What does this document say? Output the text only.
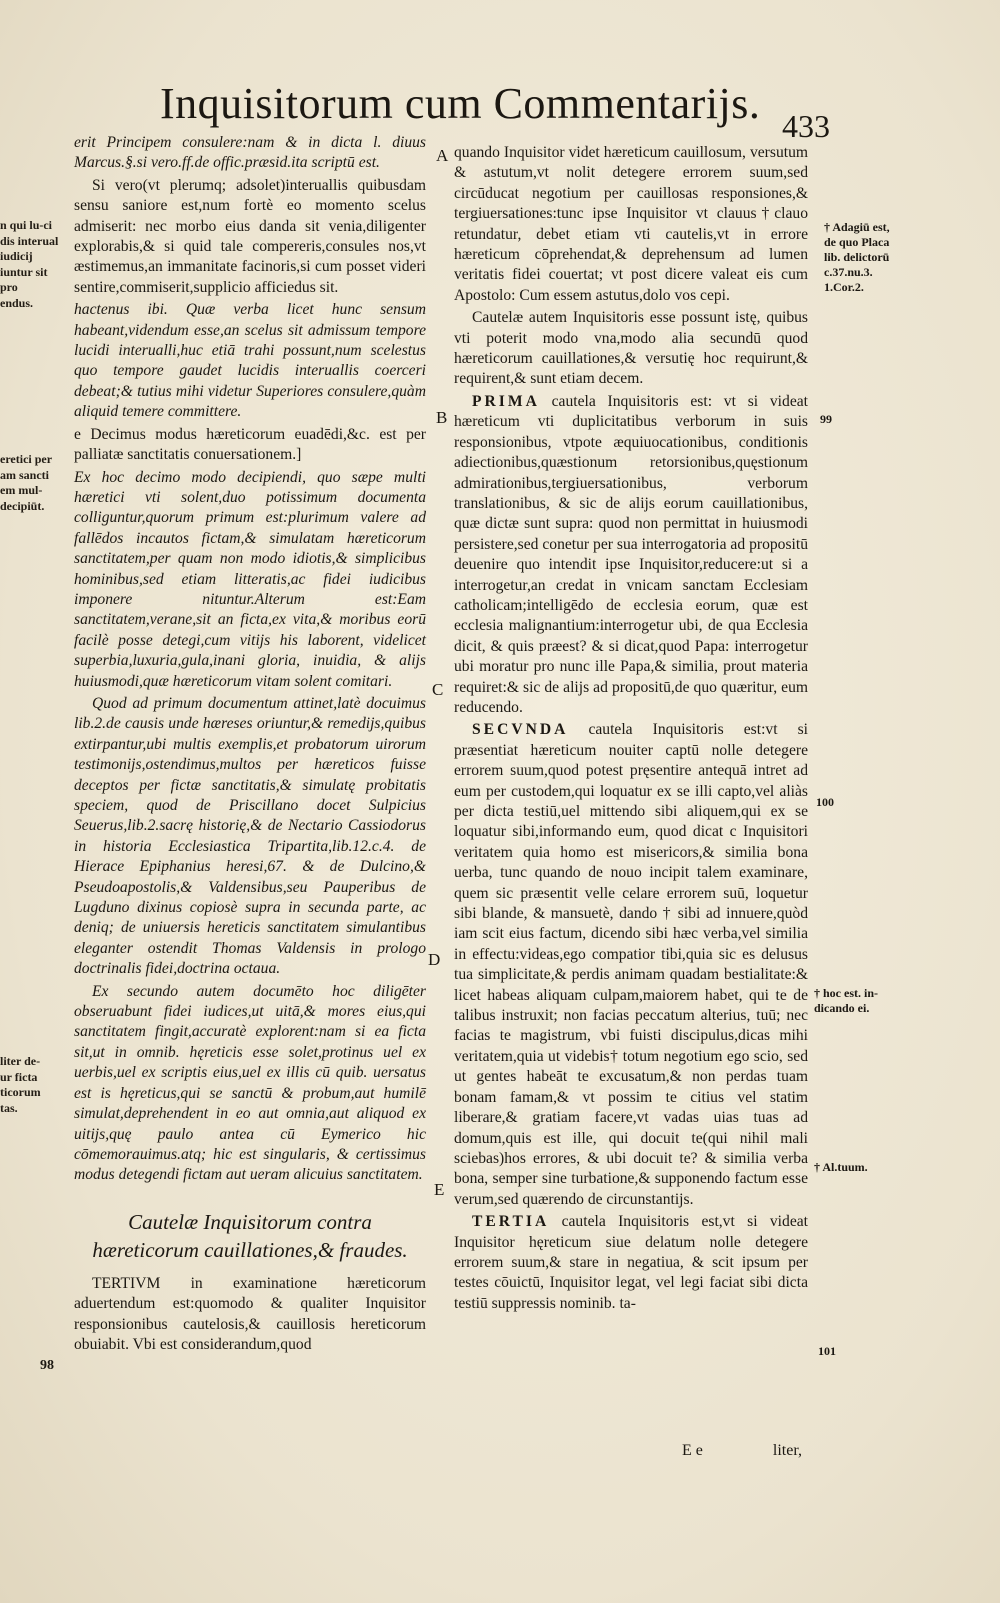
Inquisitorum cum Commentarijs. 433
n qui lu-ci
dis interual
iudicij
iuntur sit pro
endus.
eretici per
am sancti
em mul-
decipiūt.
liter de-
ur ficta
ticorum
tas.

erit Principem consulere:nam & in dicta l. diuus Marcus.§.si vero.ff.de offic.præsid.ita scriptū est.

Si vero(vt plerumq; adsolet)interuallis quibusdam sensu saniore est,num fortè eo momento scelus admiserit: nec morbo eius danda sit venia,diligenter explorabis,& si quid tale compereris,consules nos,vt æstimemus,an immanitate facinoris,si cum posset videri sentire,commiserit,supplicio afficiedus sit.

hactenus ibi. Quæ verba licet hunc sensum habeant,videndum esse,an scelus sit admissum tempore lucidi interualli,huc etiā trahi possunt,num scelestus quo tempore gaudet lucidis interuallis coerceri debeat;& tutius mihi videtur Superiores consulere,quàm aliquid temere committere.

e Decimus modus hæreticorum euadēdi,&c. est per palliatæ sanctitatis conuersationem.]

Ex hoc decimo modo decipiendi, quo sæpe multi hæretici vti solent,duo potissimum documenta colliguntur,quorum primum est:plurimum valere ad fallēdos incautos fictam,& simulatam hæreticorum sanctitatem,per quam non modo idiotis,& simplicibus hominibus,sed etiam litteratis,ac fidei iudicibus imponere nituntur.Alterum est:Eam sanctitatem,verane,sit an ficta,ex vita,& moribus eorū facilè posse detegi,cum vitijs his laborent, videlicet superbia,luxuria,gula,inani gloria, inuidia, & alijs huiusmodi,quæ hæreticorum vitam solent comitari.

Quod ad primum documentum attinet,latè docuimus lib.2.de causis unde hæreses oriuntur,& remedijs,quibus extirpantur,ubi multis exemplis,et probatorum uirorum testimonijs,ostendimus,multos per hæreticos fuisse deceptos per fictæ sanctitatis,& simulatę probitatis speciem, quod de Priscillano docet Sulpicius Seuerus,lib.2.sacrę historię,& de Nectario Cassiodorus in historia Ecclesiastica Tripartita,lib.12.c.4. de Hierace Epiphanius heresi,67. & de Dulcino,& Pseudoapostolis,& Valdensibus,seu Pauperibus de Lugduno dixinus copiosè supra in secunda parte, ac deniq; de uniuersis hereticis sanctitatem simulantibus eleganter ostendit Thomas Valdensis in prologo doctrinalis fidei,doctrina octaua.

Ex secundo autem documēto hoc diligēter obseruabunt fidei iudices,ut uitā,& mores eius,qui sanctitatem fingit,accuratè explorent:nam si ea ficta sit,ut in omnib. hęreticis esse solet,protinus uel ex uerbis,uel ex scriptis eius,uel ex illis cū quib. uersatus est is hęreticus,qui se sanctū & probum,aut humilē simulat,deprehendent in eo aut omnia,aut aliquod ex uitijs,quę paulo antea cū Eymerico hic cōmemorauimus.atq; hic est singularis, & certissimus modus detegendi fictam aut ueram alicuius sanctitatem.

Cautelæ Inquisitorum contra hæreticorum cauillationes,& fraudes.

TERTIVM in examinatione hæreticorum aduertendum est:quomodo & qualiter Inquisitor responsionibus cautelosis,& cauillosis hereticorum obuiabit. Vbi est considerandum,quod

98
A
B
C
D
E

quando Inquisitor videt hæreticum cauillosum, versutum & astutum,vt nolit detegere errorem suum,sed circūducat negotium per cauillosas responsiones,& tergiuersationes:tunc ipse Inquisitor vt clauus†clauo retundatur, debet etiam vti cautelis,vt in errore hæreticum cōprehendat,& deprehensum ad lumen veritatis fidei couertat; vt post dicere valeat eis cum Apostolo: Cum essem astutus,dolo vos cepi.

Cautelæ autem Inquisitoris esse possunt istę, quibus vti poterit modo vna,modo alia secundū quod hæreticorum cauillationes,& versutię hoc requirunt,& requirent,& sunt etiam decem.

PRIMA cautela Inquisitoris est: vt si videat hæreticum vti duplicitatibus verborum in suis responsionibus, vtpote æquiuocationibus, conditionis adiectionibus,quæstionum retorsionibus,quęstionum admirationibus,tergiuersationibus, verborum translationibus, & sic de alijs eorum cauillationibus, quæ dictæ sunt supra: quod non permittat in huiusmodi persistere,sed conetur per sua interrogatoria ad propositū deuenire quo intendit ipse Inquisitor,reducere:ut si a interrogetur,an credat in vnicam sanctam Ecclesiam catholicam;intelligēdo de ecclesia eorum, quæ est ecclesia malignantium:interrogetur ubi, de qua Ecclesia dicit, & quis præest? & si dicat,quod Papa: interrogetur ubi moratur pro nunc ille Papa,& similia, prout materia requiret:& sic de alijs ad propositū,de quo quæritur, eum reducendo.

SECVNDA cautela Inquisitoris est:vt si præsentiat hæreticum nouiter captū nolle detegere errorem suum,quod potest pręsentire antequā intret ad eum per custodem,qui loquatur ex se illi capto,vel aliàs per dicta testiū,uel mittendo sibi aliquem,qui ex se loquatur sibi,informando eum, quod dicat c Inquisitori veritatem quia homo est misericors,& similia bona uerba, tunc quando de nouo incipit talem examinare, quem sic præsentit velle celare errorem suū, loquetur sibi blande, & mansuetè, dando † sibi ad innuere,quòd iam scit eius factum, dicendo sibi hæc verba,vel similia in effectu:videas,ego compatior tibi,quia sic es delusus tua simplicitate,& perdis animam quadam bestialitate:& licet habeas aliquam culpam,maiorem habet, qui te de talibus instruxit; non facias peccatum alterius, tuū; nec facias te magistrum, vbi fuisti discipulus,dicas mihi veritatem,quia ut videbis† totum negotium ego scio, sed ut gentes habeāt te excusatum,& non perdas tuam bonam famam,& vt possim te citius vel statim liberare,& gratiam facere,vt vadas uias tuas ad domum,quis est ille, qui docuit te(qui nihil mali sciebas)hos errores, & ubi docuit te? & similia verba bona, semper sine turbatione,& supponendo factum esse verum,sed quærendo de circunstantijs.

TERTIA cautela Inquisitoris est,vt si videat Inquisitor hęreticum siue delatum nolle detegere errorem suum,& stare in negatiua, & scit ipsum per testes cōuictū, Inquisitor legat, vel legi faciat sibi dicta testiū suppressis nominib. ta-

† Adagiū est,
de quo Placa
lib. delictorū
c.37.nu.3.
1.Cor.2.
99
100
† hoc est. in-
dicando ei.
† Al.tuum.
101
E e	liter,
